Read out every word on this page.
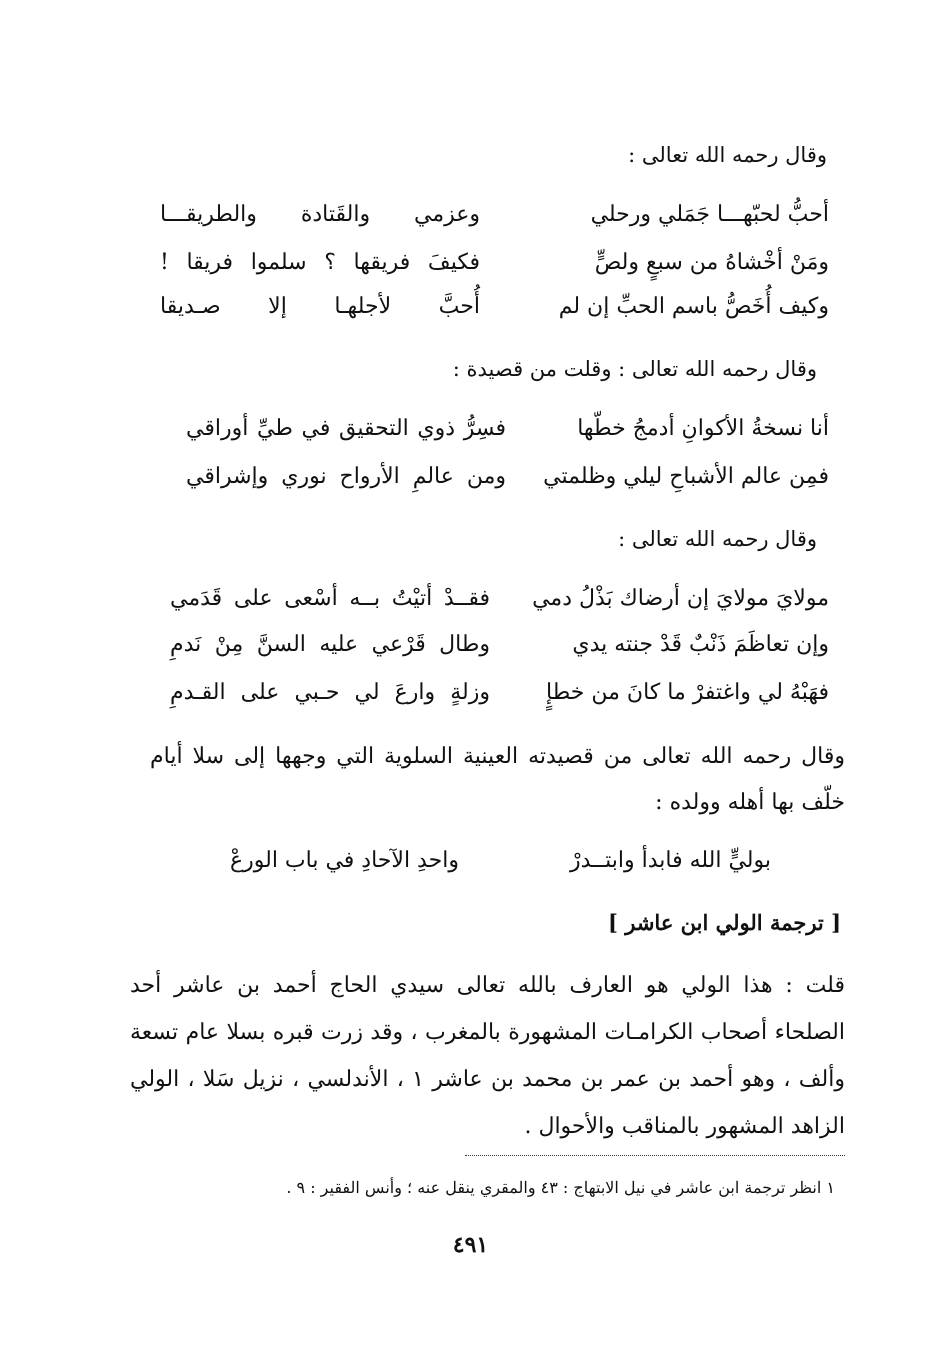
وقال رحمه الله تعالى :
أحبُّ لحبّهـــا جَمَلي ورحلي
وعزمي والقَتادة والطريقـــا
ومَنْ أخْشاهُ من سبعٍ ولصٍّ
فكيفَ فريقها ؟ سلموا فريقا !
وكيف أُخَصُّ باسم الحبِّ إن لم
أُحبَّ لأجلهـا إلا صـديقا
وقال رحمه الله تعالى : وقلت من قصيدة :
أنا نسخةُ الأكوانِ أدمجُ خطّها
فسِرُّ ذوي التحقيق في طيِّ أوراقي
فمِن عالم الأشباحِ ليلي وظلمتي
ومن عالمِ الأرواح نوري وإشراقي
وقال رحمه الله تعالى :
مولايَ مولايَ إن أرضاك بَذْلُ دمي
فقــدْ أتيْتُ بــه أسْعى على قَدَمي
وإن تعاظَمَ ذَنْبٌ قَدْ جنته يدي
وطال قَرْعي عليه السنَّ مِنْ نَدمِ
فهَبْهُ لي واغتفرْ ما كانَ من خطإٍ
وزلةٍ وارعَ لي حـبي على القـدمِ
وقال رحمه الله تعالى من قصيدته العينية السلوية التي وجهها إلى سلا أيام
خلّف بها أهله وولده :
بوليٍّ الله فابدأ وابتــدرْ
واحدِ الآحادِ في باب الورعْ
[ ترجمة الولي ابن عاشر ]
قلت : هذا الولي هو العارف بالله تعالى سيدي الحاج أحمد بن عاشر أحد
الصلحاء أصحاب الكرامـات المشهورة بالمغرب ، وقد زرت قبره بسلا عام تسعة
وألف ، وهو أحمد بن عمر بن محمد بن عاشر ١ ، الأندلسي ، نزيل سَلا ، الولي
الزاهد المشهور بالمناقب والأحوال .
١ انظر ترجمة ابن عاشر في نيل الابتهاج : ٤٣ والمقري ينقل عنه ؛ وأنس الفقير : ٩ .
٤٩١
